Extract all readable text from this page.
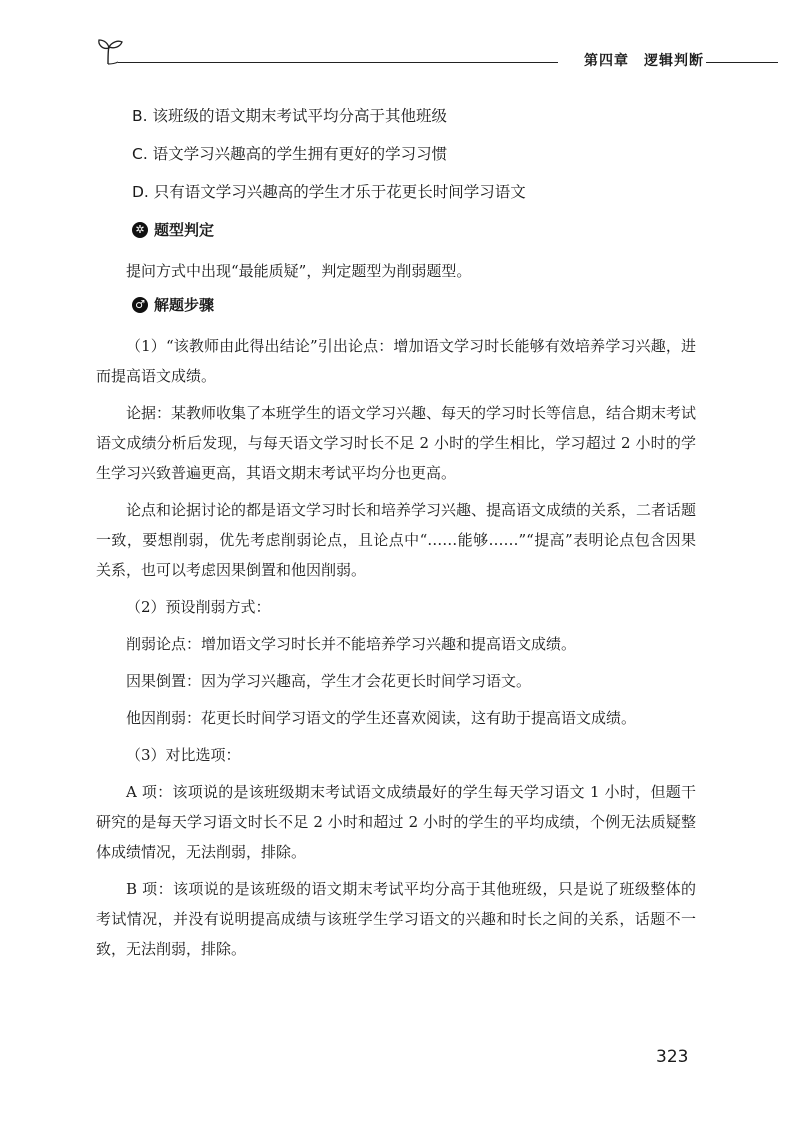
第四章　逻辑判断
B. 该班级的语文期末考试平均分高于其他班级
C. 语文学习兴趣高的学生拥有更好的学习习惯
D. 只有语文学习兴趣高的学生才乐于花更长时间学习语文
✲ 题型判定
提问方式中出现“最能质疑”，判定题型为削弱题型。
♂ 解题步骤
（1）“该教师由此得出结论”引出论点：增加语文学习时长能够有效培养学习兴趣，进而提高语文成绩。
论据：某教师收集了本班学生的语文学习兴趣、每天的学习时长等信息，结合期末考试语文成绩分析后发现，与每天语文学习时长不足 2 小时的学生相比，学习超过 2 小时的学生学习兴致普遍更高，其语文期末考试平均分也更高。
论点和论据讨论的都是语文学习时长和培养学习兴趣、提高语文成绩的关系，二者话题一致，要想削弱，优先考虑削弱论点，且论点中“……能够……”“提高”表明论点包含因果关系，也可以考虑因果倒置和他因削弱。
（2）预设削弱方式：
削弱论点：增加语文学习时长并不能培养学习兴趣和提高语文成绩。
因果倒置：因为学习兴趣高，学生才会花更长时间学习语文。
他因削弱：花更长时间学习语文的学生还喜欢阅读，这有助于提高语文成绩。
（3）对比选项：
A 项：该项说的是该班级期末考试语文成绩最好的学生每天学习语文 1 小时，但题干研究的是每天学习语文时长不足 2 小时和超过 2 小时的学生的平均成绩，个例无法质疑整体成绩情况，无法削弱，排除。
B 项：该项说的是该班级的语文期末考试平均分高于其他班级，只是说了班级整体的考试情况，并没有说明提高成绩与该班学生学习语文的兴趣和时长之间的关系，话题不一致，无法削弱，排除。
323
